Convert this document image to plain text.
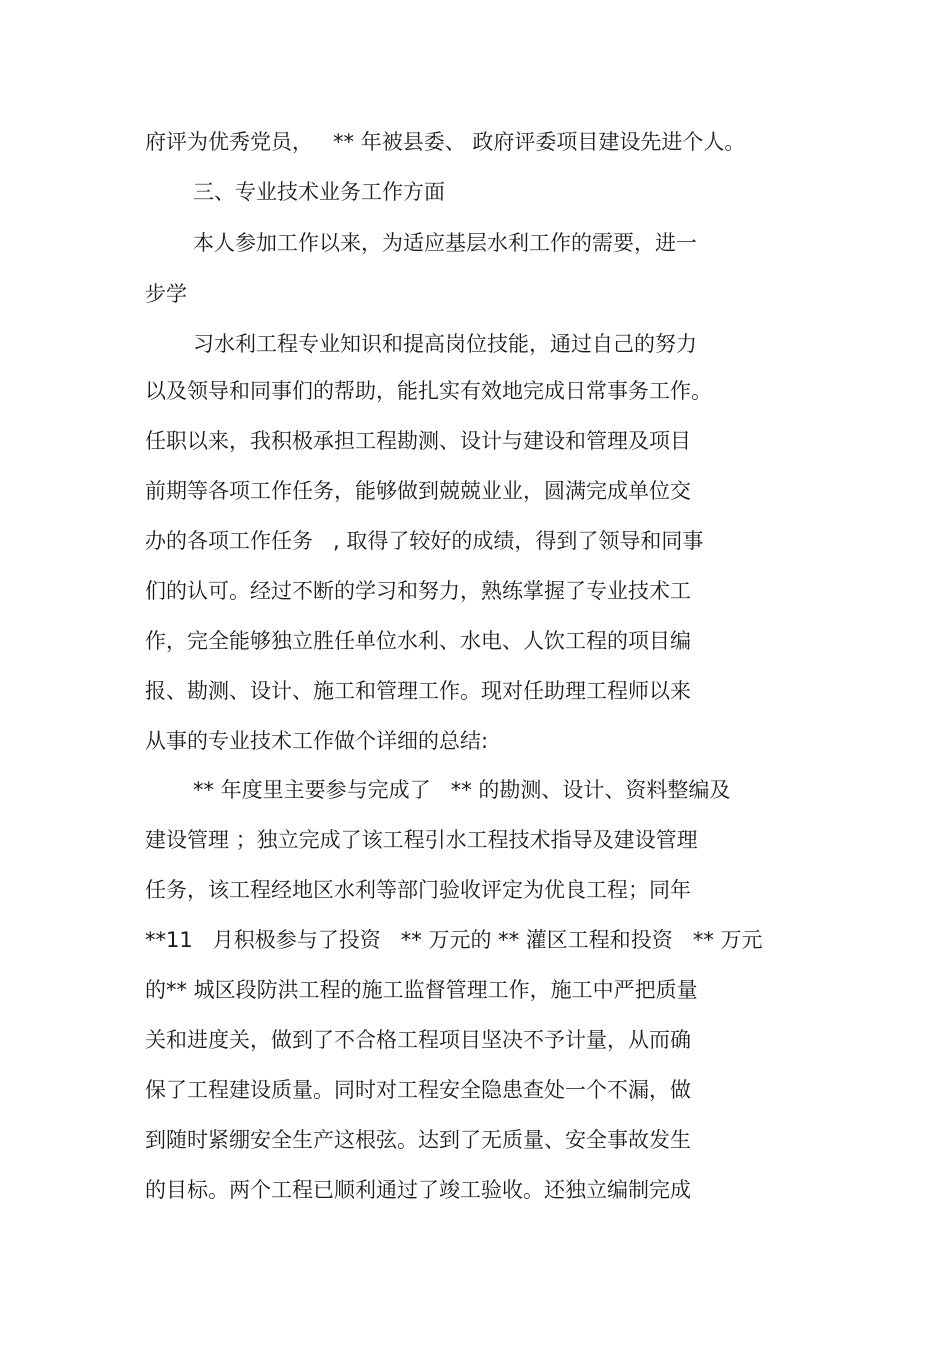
府评为优秀党员，   ** 年被县委、 政府评委项目建设先进个人。
三、专业技术业务工作方面
本人参加工作以来，为适应基层水利工作的需要，进一
步学
习水利工程专业知识和提高岗位技能，通过自己的努力
以及领导和同事们的帮助，能扎实有效地完成日常事务工作。
任职以来，我积极承担工程勘测、设计与建设和管理及项目
前期等各项工作任务，能够做到兢兢业业，圆满完成单位交
办的各项工作任务   , 取得了较好的成绩，得到了领导和同事
们的认可。经过不断的学习和努力，熟练掌握了专业技术工
作，完全能够独立胜任单位水利、水电、人饮工程的项目编
报、勘测、设计、施工和管理工作。现对任助理工程师以来
从事的专业技术工作做个详细的总结:
** 年度里主要参与完成了   ** 的勘测、设计、资料整编及
建设管理 ；独立完成了该工程引水工程技术指导及建设管理
任务，该工程经地区水利等部门验收评定为优良工程；同年
**11   月积极参与了投资   ** 万元的 ** 灌区工程和投资   ** 万元
的** 城区段防洪工程的施工监督管理工作，施工中严把质量
关和进度关，做到了不合格工程项目坚决不予计量，从而确
保了工程建设质量。同时对工程安全隐患查处一个不漏，做
到随时紧绷安全生产这根弦。达到了无质量、安全事故发生
的目标。两个工程已顺利通过了竣工验收。还独立编制完成
